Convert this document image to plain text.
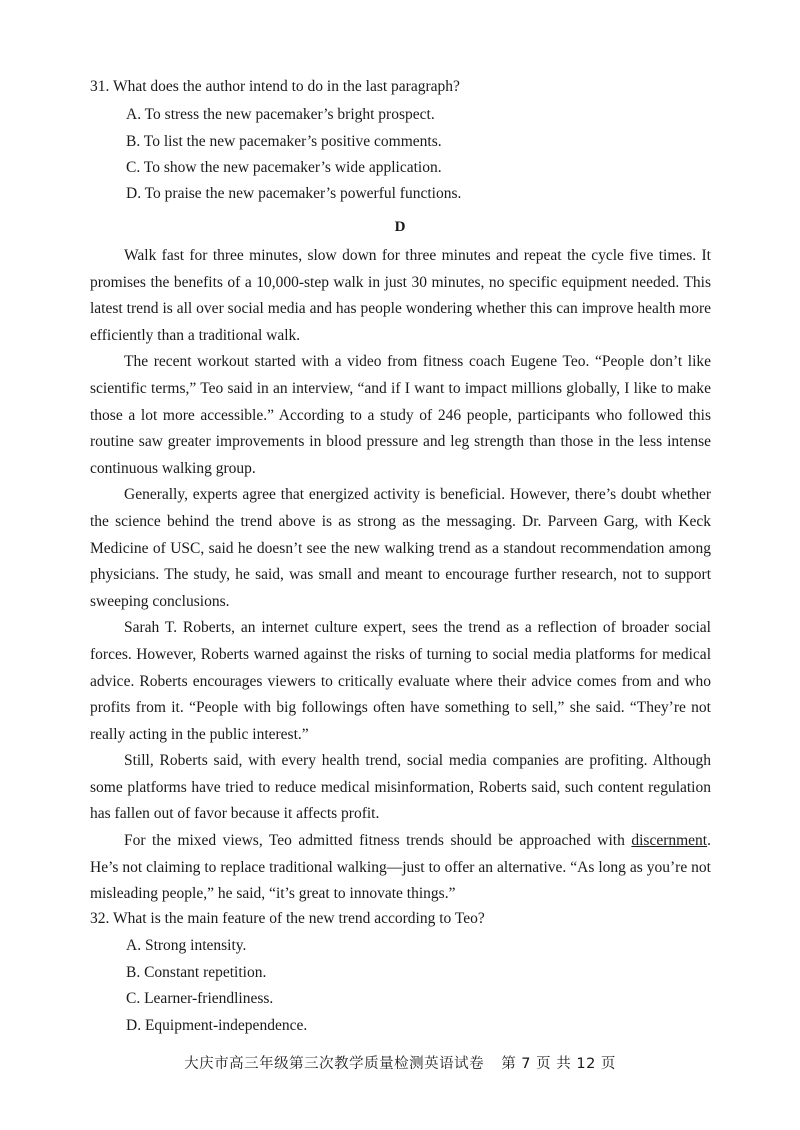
31. What does the author intend to do in the last paragraph?
A. To stress the new pacemaker’s bright prospect.
B. To list the new pacemaker’s positive comments.
C. To show the new pacemaker’s wide application.
D. To praise the new pacemaker’s powerful functions.
D

Walk fast for three minutes, slow down for three minutes and repeat the cycle five times. It promises the benefits of a 10,000-step walk in just 30 minutes, no specific equipment needed. This latest trend is all over social media and has people wondering whether this can improve health more efficiently than a traditional walk.

The recent workout started with a video from fitness coach Eugene Teo. “People don’t like scientific terms,” Teo said in an interview, “and if I want to impact millions globally, I like to make those a lot more accessible.” According to a study of 246 people, participants who followed this routine saw greater improvements in blood pressure and leg strength than those in the less intense continuous walking group.

Generally, experts agree that energized activity is beneficial. However, there’s doubt whether the science behind the trend above is as strong as the messaging. Dr. Parveen Garg, with Keck Medicine of USC, said he doesn’t see the new walking trend as a standout recommendation among physicians. The study, he said, was small and meant to encourage further research, not to support sweeping conclusions.

Sarah T. Roberts, an internet culture expert, sees the trend as a reflection of broader social forces. However, Roberts warned against the risks of turning to social media platforms for medical advice. Roberts encourages viewers to critically evaluate where their advice comes from and who profits from it. “People with big followings often have something to sell,” she said. “They’re not really acting in the public interest.”

Still, Roberts said, with every health trend, social media companies are profiting. Although some platforms have tried to reduce medical misinformation, Roberts said, such content regulation has fallen out of favor because it affects profit.

For the mixed views, Teo admitted fitness trends should be approached with discernment. He’s not claiming to replace traditional walking—just to offer an alternative. “As long as you’re not misleading people,” he said, “it’s great to innovate things.”

32. What is the main feature of the new trend according to Teo?
A. Strong intensity.
B. Constant repetition.
C. Learner-friendliness.
D. Equipment-independence.
大庆市高三年级第三次教学质量检测英语试卷 第 7 页 共 12 页
